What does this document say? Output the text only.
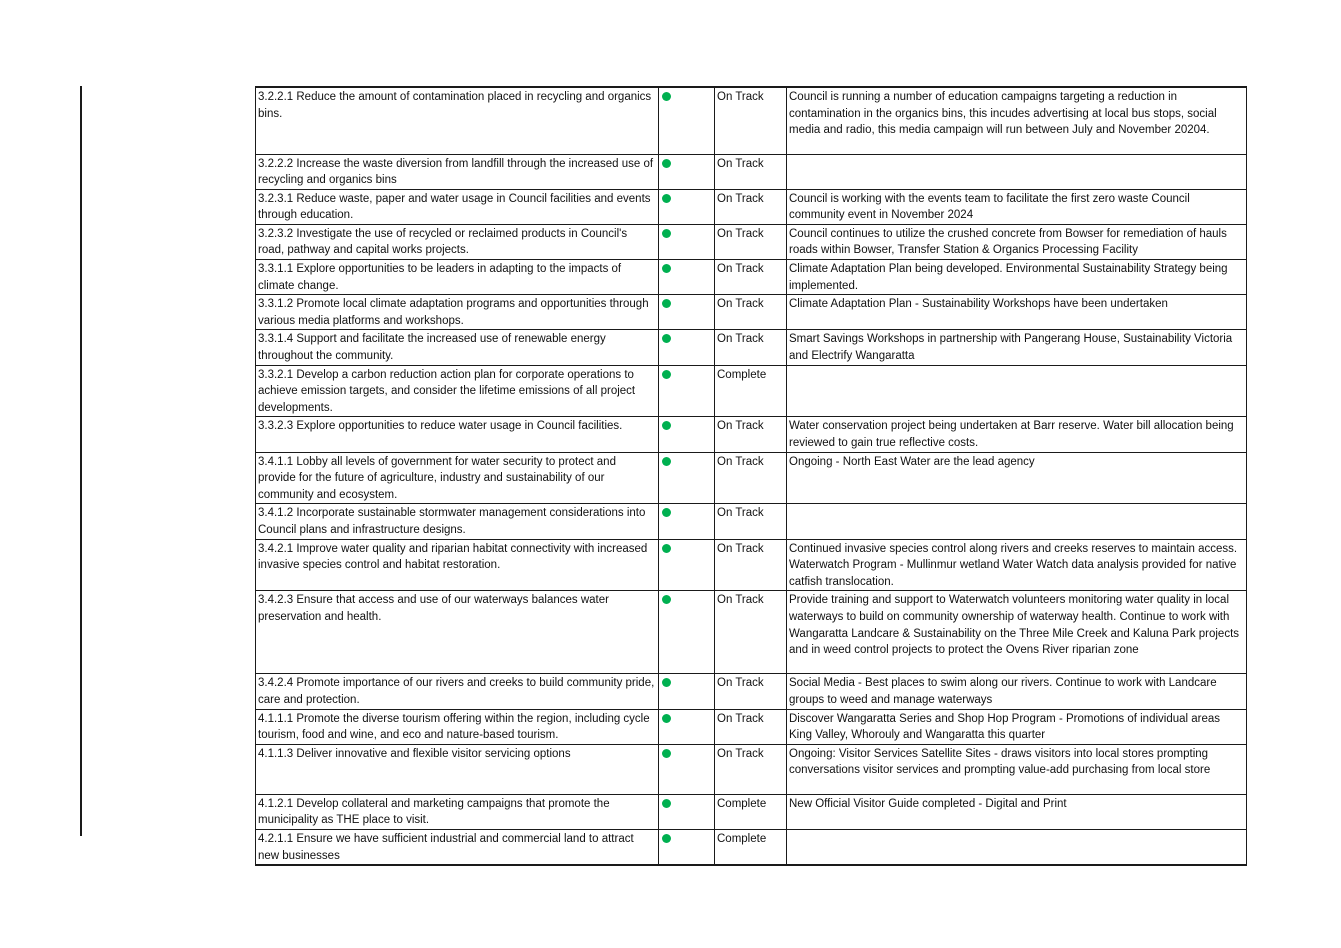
3.2.2.1 Reduce the amount of contamination placed in recycling and organics bins.		On Track	Council is running a number of education campaigns targeting a reduction in contamination in the organics bins, this incudes advertising at local bus stops, social media and radio, this media campaign will run between July and November 20204.
3.2.2.2 Increase the waste diversion from landfill through the increased use of recycling and organics bins		On Track	
3.2.3.1 Reduce waste, paper and water usage in Council facilities and events through education.		On Track	Council is working with the events team to facilitate the first zero waste Council community event in November 2024
3.2.3.2 Investigate the use of recycled or reclaimed products in Council's road, pathway and capital works projects.		On Track	Council continues to utilize the crushed concrete from Bowser for remediation of hauls roads within Bowser, Transfer Station & Organics Processing Facility
3.3.1.1 Explore opportunities to be leaders in adapting to the impacts of climate change.		On Track	Climate Adaptation Plan being developed. Environmental Sustainability Strategy being implemented.
3.3.1.2 Promote local climate adaptation programs and opportunities through various media platforms and workshops.		On Track	Climate Adaptation Plan - Sustainability Workshops have been undertaken
3.3.1.4 Support and facilitate the increased use of renewable energy throughout the community.		On Track	Smart Savings Workshops in partnership with Pangerang House, Sustainability Victoria and Electrify Wangaratta
3.3.2.1 Develop a carbon reduction action plan for corporate operations to achieve emission targets, and consider the lifetime emissions of all project developments.		Complete	
3.3.2.3 Explore opportunities to reduce water usage in Council facilities.		On Track	Water conservation project being undertaken at Barr reserve. Water bill allocation being reviewed to gain true reflective costs.
3.4.1.1 Lobby all levels of government for water security to protect and provide for the future of agriculture, industry and sustainability of our community and ecosystem.		On Track	Ongoing - North East Water are the lead agency
3.4.1.2 Incorporate sustainable stormwater management considerations into Council plans and infrastructure designs.		On Track	
3.4.2.1 Improve water quality and riparian habitat connectivity with increased invasive species control and habitat restoration.		On Track	Continued invasive species control along rivers and creeks reserves to maintain access. Waterwatch Program - Mullinmur wetland Water Watch data analysis provided for native catfish translocation.
3.4.2.3 Ensure that access and use of our waterways balances water preservation and health.		On Track	Provide training and support to Waterwatch volunteers monitoring water quality in local waterways to build on community ownership of waterway health. Continue to work with Wangaratta Landcare & Sustainability on the Three Mile Creek and Kaluna Park projects and in weed control projects to protect the Ovens River riparian zone
3.4.2.4 Promote importance of our rivers and creeks to build community pride, care and protection.		On Track	Social Media - Best places to swim along our rivers. Continue to work with Landcare groups to weed and manage waterways
4.1.1.1 Promote the diverse tourism offering within the region, including cycle tourism, food and wine, and eco and nature-based tourism.		On Track	Discover Wangaratta Series and Shop Hop Program - Promotions of individual areas King Valley, Whorouly and Wangaratta this quarter
4.1.1.3 Deliver innovative and flexible visitor servicing options		On Track	Ongoing: Visitor Services Satellite Sites - draws visitors into local stores prompting conversations visitor services and prompting value-add purchasing from local store
4.1.2.1 Develop collateral and marketing campaigns that promote the municipality as THE place to visit.		Complete	New Official Visitor Guide completed - Digital and Print
4.2.1.1 Ensure we have sufficient industrial and commercial land to attract new businesses		Complete	
